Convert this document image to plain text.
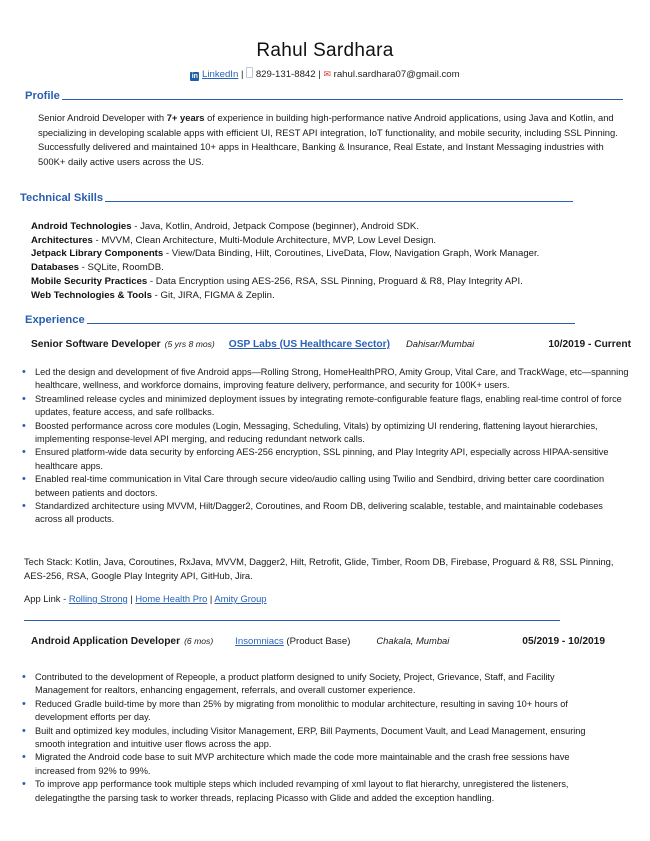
Rahul Sardhara
in LinkedIn | 829-131-8842 | ✉ rahul.sardhara07@gmail.com
Profile
Senior Android Developer with 7+ years of experience in building high-performance native Android applications, using Java and Kotlin, and specializing in developing scalable apps with efficient UI, REST API integration, IoT functionality, and mobile security, including SSL Pinning. Successfully delivered and maintained 10+ apps in Healthcare, Banking & Insurance, Real Estate, and Instant Messaging industries with 500K+ daily active users across the US.
Technical Skills
Android Technologies - Java, Kotlin, Android, Jetpack Compose (beginner), Android SDK.
Architectures - MVVM, Clean Architecture, Multi-Module Architecture, MVP, Low Level Design.
Jetpack Library Components - View/Data Binding, Hilt, Coroutines, LiveData, Flow, Navigation Graph, Work Manager.
Databases - SQLite, RoomDB.
Mobile Security Practices - Data Encryption using AES-256, RSA, SSL Pinning, Proguard & R8, Play Integrity API.
Web Technologies & Tools - Git, JIRA, FIGMA & Zeplin.
Experience
Senior Software Developer (5 yrs 8 mos) OSP Labs (US Healthcare Sector) Dahisar/Mumbai	10/2019 - Current
• Led the design and development of five Android apps—Rolling Strong, HomeHealthPRO, Amity Group, Vital Care, and TrackWage, etc—spanning healthcare, wellness, and workforce domains, improving feature delivery, performance, and security for 100K+ users.
• Streamlined release cycles and minimized deployment issues by integrating remote-configurable feature flags, enabling real-time control of force updates, feature access, and safe rollbacks.
• Boosted performance across core modules (Login, Messaging, Scheduling, Vitals) by optimizing UI rendering, flattening layout hierarchies, implementing response-level API merging, and reducing redundant network calls.
• Ensured platform-wide data security by enforcing AES-256 encryption, SSL pinning, and Play Integrity API, especially across HIPAA-sensitive healthcare apps.
• Enabled real-time communication in Vital Care through secure video/audio calling using Twilio and Sendbird, driving better care coordination between patients and doctors.
• Standardized architecture using MVVM, Hilt/Dagger2, Coroutines, and Room DB, delivering scalable, testable, and maintainable codebases across all products.
Tech Stack: Kotlin, Java, Coroutines, RxJava, MVVM, Dagger2, Hilt, Retrofit, Glide, Timber, Room DB, Firebase, Proguard & R8, SSL Pinning, AES-256, RSA, Google Play Integrity API, GitHub, Jira.
App Link - Rolling Strong | Home Health Pro | Amity Group
Android Application Developer (6 mos) Insomniacs (Product Base)	Chakala, Mumbai	05/2019 - 10/2019
• Contributed to the development of Repeople, a product platform designed to unify Society, Project, Grievance, Staff, and Facility Management for realtors, enhancing engagement, referrals, and overall customer experience.
• Reduced Gradle build-time by more than 25% by migrating from monolithic to modular architecture, resulting in saving 10+ hours of development efforts per day.
• Built and optimized key modules, including Visitor Management, ERP, Bill Payments, Document Vault, and Lead Management, ensuring smooth integration and intuitive user flows across the app.
• Migrated the Android code base to suit MVP architecture which made the code more maintainable and the crash free sessions have increased from 92% to 99%.
• To improve app performance took multiple steps which included revamping of xml layout to flat hierarchy, unregistered the listeners, delegatingthe the parsing task to worker threads, replacing Picasso with Glide and added the exception handling.
